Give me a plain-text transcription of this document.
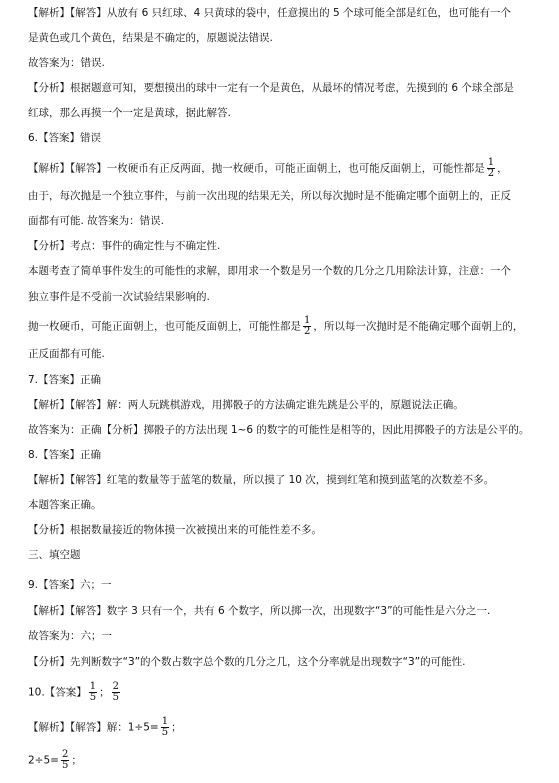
【解析】【解答】从放有 6 只红球、4 只黄球的袋中，任意摸出的 5 个球可能全部是红色，也可能有一个
是黄色或几个黄色，结果是不确定的，原题说法错误.
故答案为：错误.
【分析】根据题意可知，要想摸出的球中一定有一个是黄色，从最坏的情况考虑，先摸到的 6 个球全部是
红球，那么再摸一个一定是黄球，据此解答.
6.【答案】错误
【解析】【解答】一枚硬币有正反两面，抛一枚硬币，可能正面朝上，也可能反面朝上，可能性都是 $\frac{1}{2}$ ，
由于，每次抛是一个独立事件，与前一次出现的结果无关，所以每次抛时是不能确定哪个面朝上的，正反
面都有可能. 故答案为：错误.
【分析】考点：事件的确定性与不确定性.
本题考查了简单事件发生的可能性的求解，即用求一个数是另一个数的几分之几用除法计算，注意：一个
独立事件是不受前一次试验结果影响的.
抛一枚硬币，可能正面朝上，也可能反面朝上，可能性都是 $\frac{1}{2}$ ，所以每一次抛时是不能确定哪个面朝上的，
正反面都有可能.
7.【答案】正确
【解析】【解答】解：两人玩跳棋游戏，用掷骰子的方法确定谁先跳是公平的，原题说法正确。
故答案为：正确【分析】掷骰子的方法出现 1~6 的数字的可能性是相等的，因此用掷骰子的方法是公平的。
8.【答案】正确
【解析】【解答】红笔的数量等于蓝笔的数量，所以摸了 10 次，摸到红笔和摸到蓝笔的次数差不多。
本题答案正确。
【分析】根据数量接近的物体摸一次被摸出来的可能性差不多。
三、填空题
9.【答案】六；一
【解析】【解答】数字 3 只有一个，共有 6 个数字，所以掷一次，出现数字“3”的可能性是六分之一.
故答案为：六；一
【分析】先判断数字“3”的个数占数字总个数的几分之几，这个分率就是出现数字“3”的可能性.
10.【答案】 $\frac{1}{5}$ ； $\frac{2}{5}$
【解析】【解答】解：$1\div 5= \frac{1}{5}$ ；
$2\div 5= \frac{2}{5}$ ；
